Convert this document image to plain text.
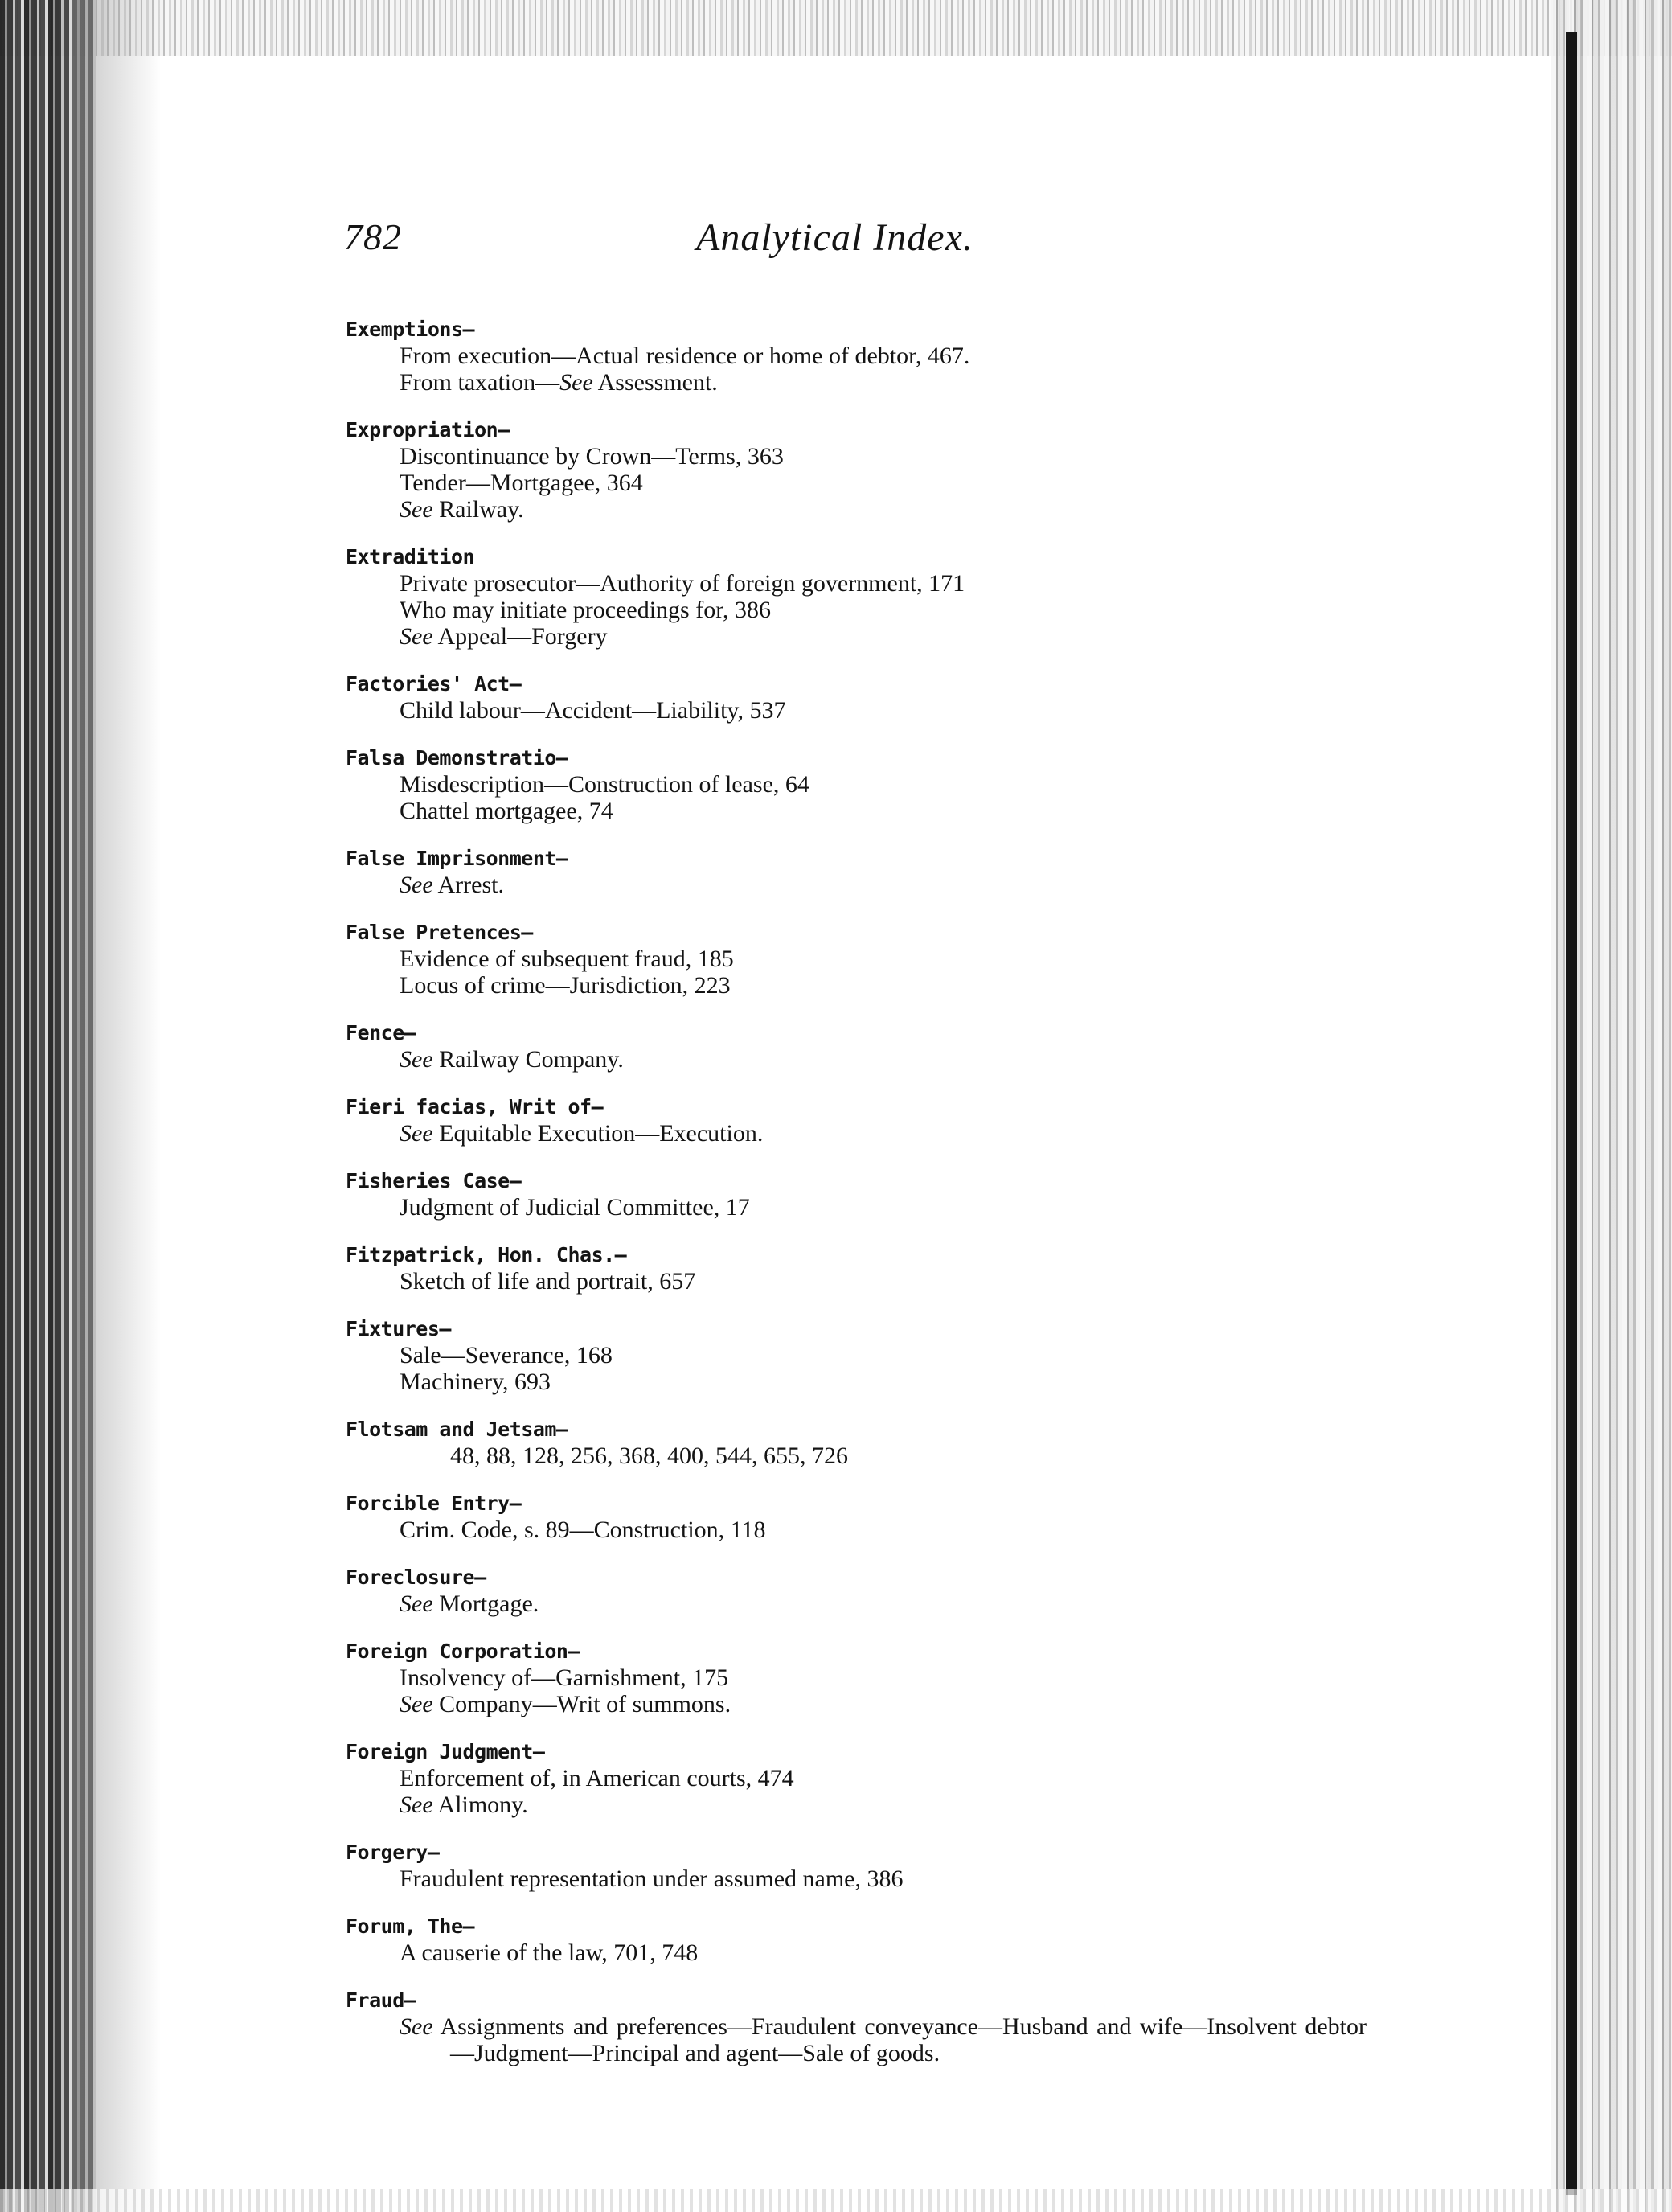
782	Analytical Index.
Exemptions—
From execution—Actual residence or home of debtor, 467.
From taxation—See Assessment.
Expropriation—
Discontinuance by Crown—Terms, 363
Tender—Mortgagee, 364
See Railway.
Extradition
Private prosecutor—Authority of foreign government, 171
Who may initiate proceedings for, 386
See Appeal—Forgery
Factories' Act—
Child labour—Accident—Liability, 537
Falsa Demonstratio—
Misdescription—Construction of lease, 64
Chattel mortgagee, 74
False Imprisonment—
See Arrest.
False Pretences—
Evidence of subsequent fraud, 185
Locus of crime—Jurisdiction, 223
Fence—
See Railway Company.
Fieri facias, Writ of—
See Equitable Execution—Execution.
Fisheries Case—
Judgment of Judicial Committee, 17
Fitzpatrick, Hon. Chas.—
Sketch of life and portrait, 657
Fixtures—
Sale—Severance, 168
Machinery, 693
Flotsam and Jetsam—
48, 88, 128, 256, 368, 400, 544, 655, 726
Forcible Entry—
Crim. Code, s. 89—Construction, 118
Foreclosure—
See Mortgage.
Foreign Corporation—
Insolvency of—Garnishment, 175
See Company—Writ of summons.
Foreign Judgment—
Enforcement of, in American courts, 474
See Alimony.
Forgery—
Fraudulent representation under assumed name, 386
Forum, The—
A causerie of the law, 701, 748
Fraud—
See Assignments and preferences—Fraudulent conveyance—Husband and wife—Insolvent debtor—Judgment—Principal and agent—Sale of goods.
